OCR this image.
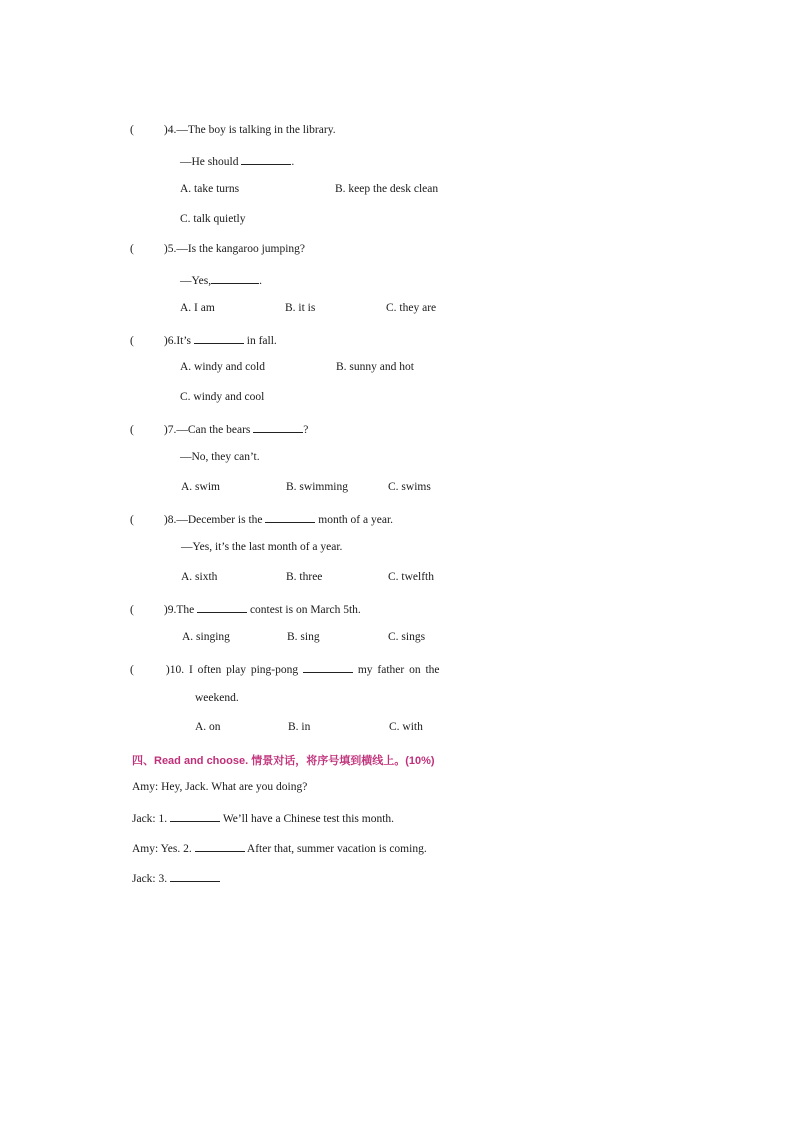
(	)4.—The boy is talking in the library.
—He should	.
A. take turns	B. keep the desk clean
C. talk quietly
(	)5.—Is the kangaroo jumping?
—Yes,	.
A. I am	B. it is	C. they are
(	)6.It’s	in fall.
A. windy and cold	B. sunny and hot
C. windy and cool
(	)7.—Can the bears	?
—No, they can’t.
A. swim	B. swimming	C. swims
(	)8.—December is the	month of a year.
—Yes, it’s the last month of a year.
A. sixth	B. three	C. twelfth
(	)9.The	contest is on March 5th.
A. singing	B. sing	C. sings
(	)10. I often play ping-pong	my father on the
weekend.
A. on	B. in	C. with
四、Read and choose. 情景对话，将序号填到横线上。(10%)
Amy: Hey, Jack. What are you doing?
Jack: 1.	We’ll have a Chinese test this month.
Amy: Yes. 2.	After that, summer vacation is coming.
Jack: 3.
